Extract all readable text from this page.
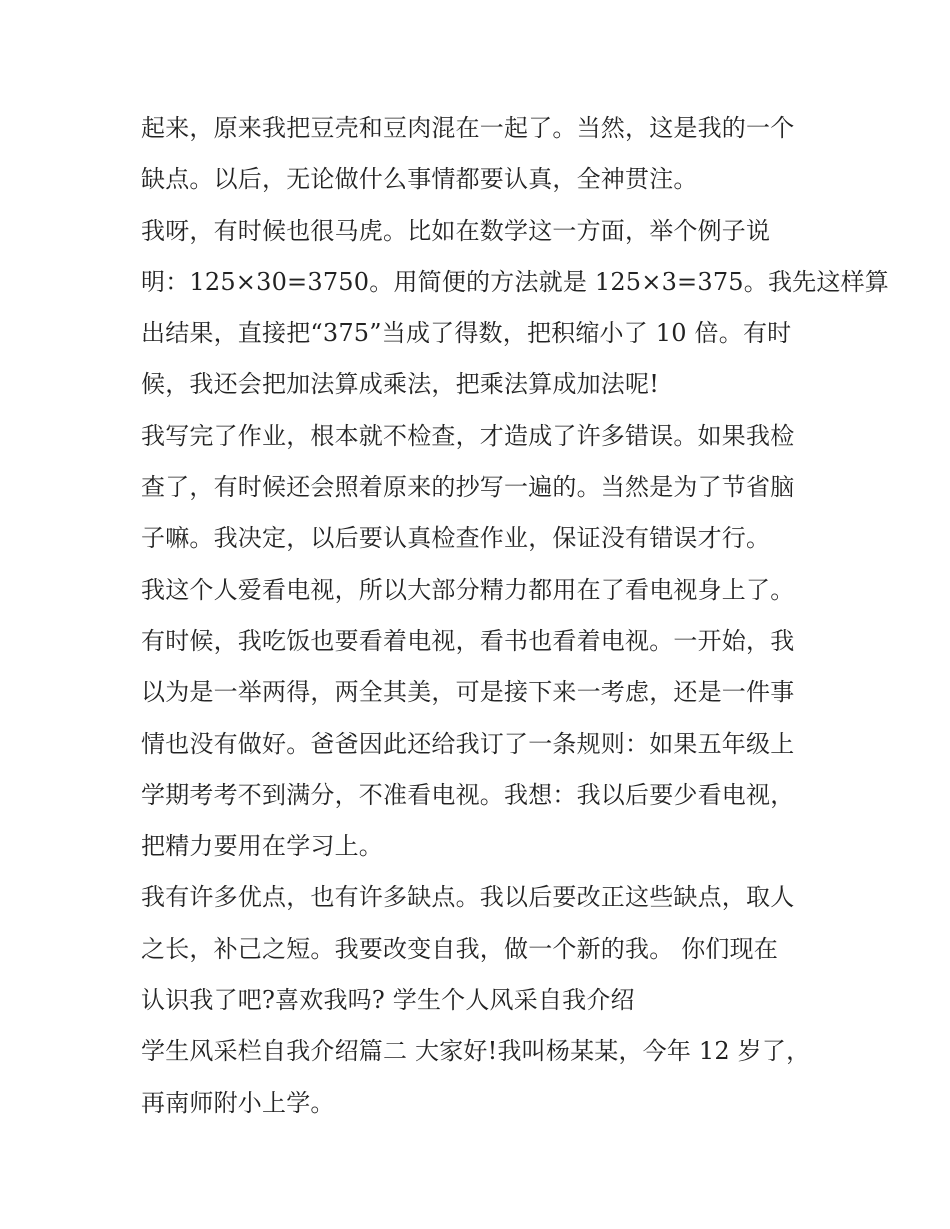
起来，原来我把豆壳和豆肉混在一起了。当然，这是我的一个
缺点。以后，无论做什么事情都要认真，全神贯注。
我呀，有时候也很马虎。比如在数学这一方面，举个例子说
明：125×30=3750。用简便的方法就是 125×3=375。我先这样算
出结果，直接把“375”当成了得数，把积缩小了 10 倍。有时
候，我还会把加法算成乘法，把乘法算成加法呢!
我写完了作业，根本就不检查，才造成了许多错误。如果我检
查了，有时候还会照着原来的抄写一遍的。当然是为了节省脑
子嘛。我决定，以后要认真检查作业，保证没有错误才行。
我这个人爱看电视，所以大部分精力都用在了看电视身上了。
有时候，我吃饭也要看着电视，看书也看着电视。一开始，我
以为是一举两得，两全其美，可是接下来一考虑，还是一件事
情也没有做好。爸爸因此还给我订了一条规则：如果五年级上
学期考考不到满分，不准看电视。我想：我以后要少看电视，
把精力要用在学习上。
我有许多优点，也有许多缺点。我以后要改正这些缺点，取人
之长，补己之短。我要改变自我，做一个新的我。 你们现在
认识我了吧?喜欢我吗? 学生个人风采自我介绍
学生风采栏自我介绍篇二 大家好!我叫杨某某，今年 12 岁了，
再南师附小上学。
